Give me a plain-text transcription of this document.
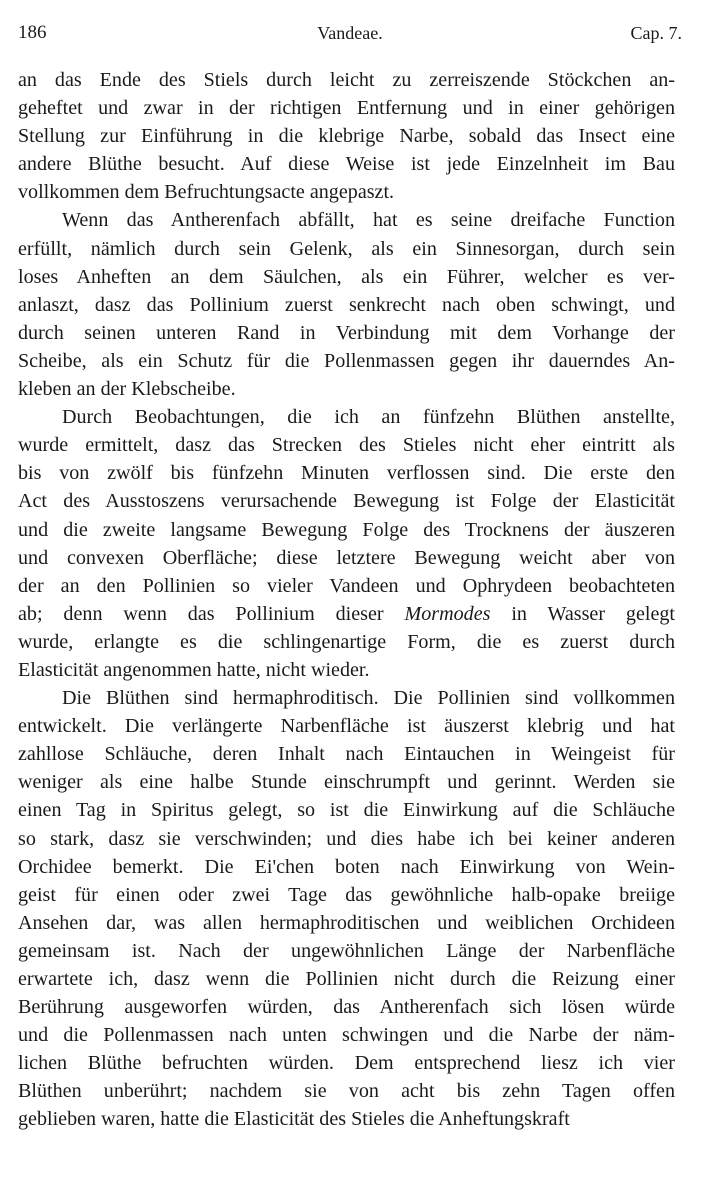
186	Vandeae.	Cap. 7.
an das Ende des Stiels durch leicht zu zerreiszende Stöckchen an-
geheftet und zwar in der richtigen Entfernung und in einer gehörigen
Stellung zur Einführung in die klebrige Narbe, sobald das Insect eine
andere Blüthe besucht. Auf diese Weise ist jede Einzelnheit im Bau
vollkommen dem Befruchtungsacte angepaszt.
Wenn das Antherenfach abfällt, hat es seine dreifache Function
erfüllt, nämlich durch sein Gelenk, als ein Sinnesorgan, durch sein
loses Anheften an dem Säulchen, als ein Führer, welcher es ver-
anlaszt, dasz das Pollinium zuerst senkrecht nach oben schwingt, und
durch seinen unteren Rand in Verbindung mit dem Vorhange der
Scheibe, als ein Schutz für die Pollenmassen gegen ihr dauerndes An-
kleben an der Klebscheibe.
Durch Beobachtungen, die ich an fünfzehn Blüthen anstellte,
wurde ermittelt, dasz das Strecken des Stieles nicht eher eintritt als
bis von zwölf bis fünfzehn Minuten verflossen sind. Die erste den
Act des Ausstoszens verursachende Bewegung ist Folge der Elasticität
und die zweite langsame Bewegung Folge des Trocknens der äuszeren
und convexen Oberfläche; diese letztere Bewegung weicht aber von
der an den Pollinien so vieler Vandeen und Ophrydeen beobachteten
ab; denn wenn das Pollinium dieser Mormodes in Wasser gelegt
wurde, erlangte es die schlingenartige Form, die es zuerst durch
Elasticität angenommen hatte, nicht wieder.
Die Blüthen sind hermaphroditisch. Die Pollinien sind vollkommen
entwickelt. Die verlängerte Narbenfläche ist äuszerst klebrig und hat
zahllose Schläuche, deren Inhalt nach Eintauchen in Weingeist für
weniger als eine halbe Stunde einschrumpft und gerinnt. Werden sie
einen Tag in Spiritus gelegt, so ist die Einwirkung auf die Schläuche
so stark, dasz sie verschwinden; und dies habe ich bei keiner anderen
Orchidee bemerkt. Die Ei'chen boten nach Einwirkung von Wein-
geist für einen oder zwei Tage das gewöhnliche halb-opake breiige
Ansehen dar, was allen hermaphroditischen und weiblichen Orchideen
gemeinsam ist. Nach der ungewöhnlichen Länge der Narbenfläche
erwartete ich, dasz wenn die Pollinien nicht durch die Reizung einer
Berührung ausgeworfen würden, das Antherenfach sich lösen würde
und die Pollenmassen nach unten schwingen und die Narbe der näm-
lichen Blüthe befruchten würden. Dem entsprechend liesz ich vier
Blüthen unberührt; nachdem sie von acht bis zehn Tagen offen
geblieben waren, hatte die Elasticität des Stieles die Anheftungskraft
